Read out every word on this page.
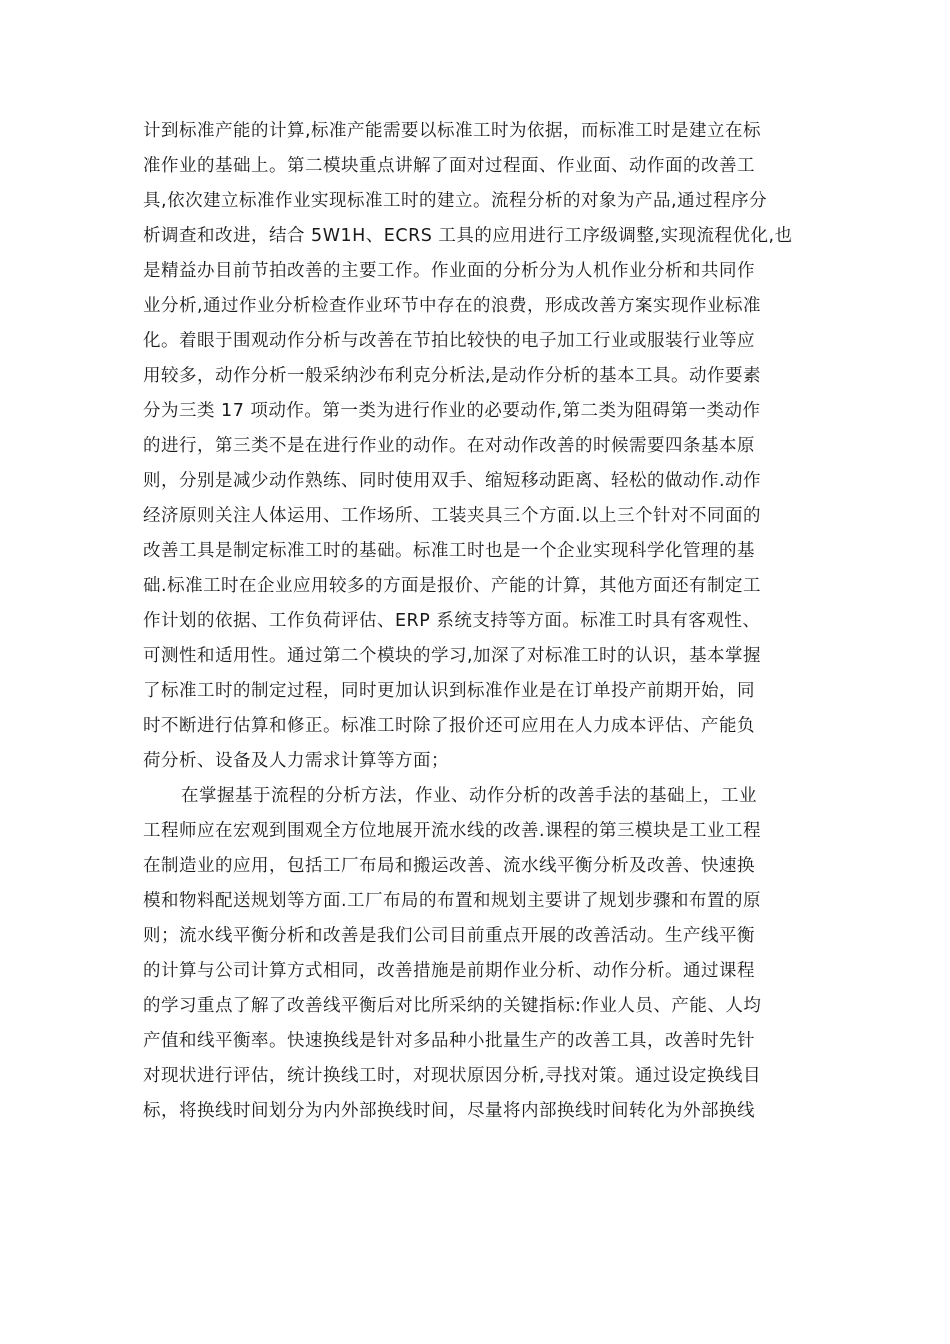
计到标准产能的计算,标准产能需要以标准工时为依据，而标准工时是建立在标
准作业的基础上。第二模块重点讲解了面对过程面、作业面、动作面的改善工
具,依次建立标准作业实现标准工时的建立。流程分析的对象为产品,通过程序分
析调查和改进，结合 5W1H、ECRS 工具的应用进行工序级调整,实现流程优化,也
是精益办目前节拍改善的主要工作。作业面的分析分为人机作业分析和共同作
业分析,通过作业分析检查作业环节中存在的浪费，形成改善方案实现作业标准
化。着眼于围观动作分析与改善在节拍比较快的电子加工行业或服装行业等应
用较多，动作分析一般采纳沙布利克分析法,是动作分析的基本工具。动作要素
分为三类 17 项动作。第一类为进行作业的必要动作,第二类为阻碍第一类动作
的进行，第三类不是在进行作业的动作。在对动作改善的时候需要四条基本原
则，分别是减少动作熟练、同时使用双手、缩短移动距离、轻松的做动作.动作
经济原则关注人体运用、工作场所、工装夹具三个方面.以上三个针对不同面的
改善工具是制定标准工时的基础。标准工时也是一个企业实现科学化管理的基
础.标准工时在企业应用较多的方面是报价、产能的计算，其他方面还有制定工
作计划的依据、工作负荷评估、ERP 系统支持等方面。标准工时具有客观性、
可测性和适用性。通过第二个模块的学习,加深了对标准工时的认识，基本掌握
了标准工时的制定过程，同时更加认识到标准作业是在订单投产前期开始，同
时不断进行估算和修正。标准工时除了报价还可应用在人力成本评估、产能负
荷分析、设备及人力需求计算等方面；
在掌握基于流程的分析方法，作业、动作分析的改善手法的基础上，工业
工程师应在宏观到围观全方位地展开流水线的改善.课程的第三模块是工业工程
在制造业的应用，包括工厂布局和搬运改善、流水线平衡分析及改善、快速换
模和物料配送规划等方面.工厂布局的布置和规划主要讲了规划步骤和布置的原
则；流水线平衡分析和改善是我们公司目前重点开展的改善活动。生产线平衡
的计算与公司计算方式相同，改善措施是前期作业分析、动作分析。通过课程
的学习重点了解了改善线平衡后对比所采纳的关键指标:作业人员、产能、人均
产值和线平衡率。快速换线是针对多品种小批量生产的改善工具，改善时先针
对现状进行评估，统计换线工时，对现状原因分析,寻找对策。通过设定换线目
标，将换线时间划分为内外部换线时间，尽量将内部换线时间转化为外部换线
